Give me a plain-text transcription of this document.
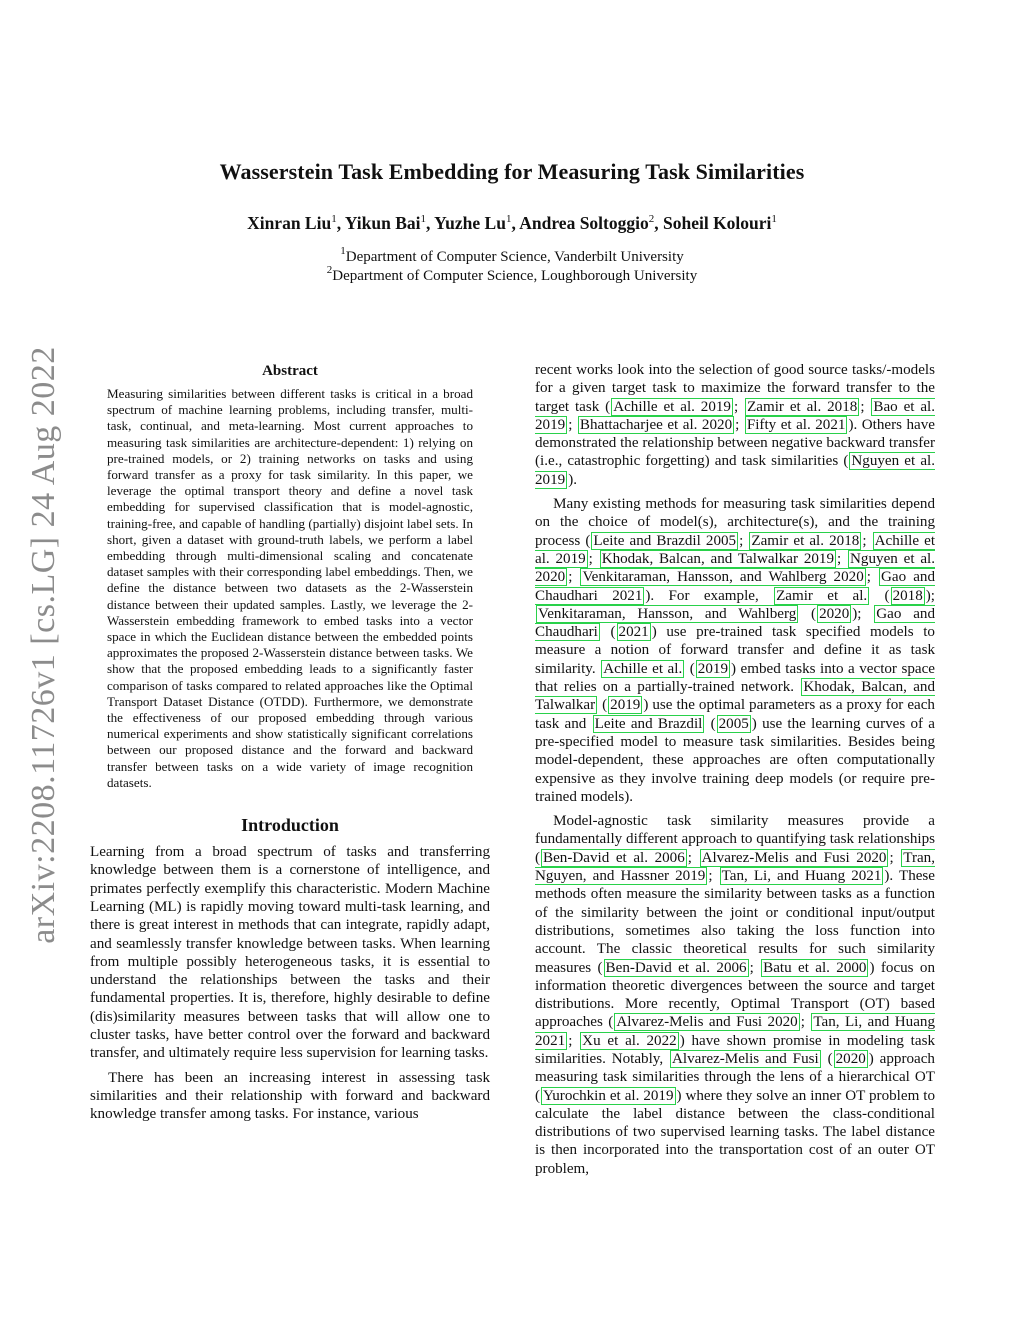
arXiv:2208.11726v1 [cs.LG] 24 Aug 2022
Wasserstein Task Embedding for Measuring Task Similarities
Xinran Liu$^1$, Yikun Bai$^1$, Yuzhe Lu$^1$, Andrea Soltoggio$^2$, Soheil Kolouri$^1$
$^1$Department of Computer Science, Vanderbilt University
$^2$Department of Computer Science, Loughborough University
Abstract

Measuring similarities between different tasks is critical in a broad spectrum of machine learning problems, including transfer, multi-task, continual, and meta-learning. Most current approaches to measuring task similarities are architecture-dependent: 1) relying on pre-trained models, or 2) training networks on tasks and using forward transfer as a proxy for task similarity. In this paper, we leverage the optimal transport theory and define a novel task embedding for supervised classification that is model-agnostic, training-free, and capable of handling (partially) disjoint label sets. In short, given a dataset with ground-truth labels, we perform a label embedding through multi-dimensional scaling and concatenate dataset samples with their corresponding label embeddings. Then, we define the distance between two datasets as the 2-Wasserstein distance between their updated samples. Lastly, we leverage the 2-Wasserstein embedding framework to embed tasks into a vector space in which the Euclidean distance between the embedded points approximates the proposed 2-Wasserstein distance between tasks. We show that the proposed embedding leads to a significantly faster comparison of tasks compared to related approaches like the Optimal Transport Dataset Distance (OTDD). Furthermore, we demonstrate the effectiveness of our proposed embedding through various numerical experiments and show statistically significant correlations between our proposed distance and the forward and backward transfer between tasks on a wide variety of image recognition datasets.

Introduction

Learning from a broad spectrum of tasks and transferring knowledge between them is a cornerstone of intelligence, and primates perfectly exemplify this characteristic. Modern Machine Learning (ML) is rapidly moving toward multi-task learning, and there is great interest in methods that can integrate, rapidly adapt, and seamlessly transfer knowledge between tasks. When learning from multiple possibly heterogeneous tasks, it is essential to understand the relationships between the tasks and their fundamental properties. It is, therefore, highly desirable to define (dis)similarity measures between tasks that will allow one to cluster tasks, have better control over the forward and backward transfer, and ultimately require less supervision for learning tasks.

There has been an increasing interest in assessing task similarities and their relationship with forward and backward knowledge transfer among tasks. For instance, various

recent works look into the selection of good source tasks/-models for a given target task to maximize the forward transfer to the target task ( Achille et al. 2019 ; Zamir et al. 2018 ; Bao et al. 2019 ; Bhattacharjee et al. 2020 ; Fifty et al. 2021 ). Others have demonstrated the relationship between negative backward transfer (i.e., catastrophic forgetting) and task similarities ( Nguyen et al. 2019 ).

Many existing methods for measuring task similarities depend on the choice of model(s), architecture(s), and the training process ( Leite and Brazdil 2005 ; Zamir et al. 2018 ; Achille et al. 2019 ; Khodak, Balcan, and Talwalkar 2019 ; Nguyen et al. 2020 ; Venkitaraman, Hansson, and Wahlberg 2020 ; Gao and Chaudhari 2021 ). For example, Zamir et al. ( 2018 ); Venkitaraman, Hansson, and Wahlberg ( 2020 ); Gao and Chaudhari ( 2021 ) use pre-trained task specified models to measure a notion of forward transfer and define it as task similarity. Achille et al. ( 2019 ) embed tasks into a vector space that relies on a partially-trained network. Khodak, Balcan, and Talwalkar ( 2019 ) use the optimal parameters as a proxy for each task and Leite and Brazdil ( 2005 ) use the learning curves of a pre-specified model to measure task similarities. Besides being model-dependent, these approaches are often computationally expensive as they involve training deep models (or require pre-trained models).

Model-agnostic task similarity measures provide a fundamentally different approach to quantifying task relationships ( Ben-David et al. 2006 ; Alvarez-Melis and Fusi 2020 ; Tran, Nguyen, and Hassner 2019 ; Tan, Li, and Huang 2021 ). These methods often measure the similarity between tasks as a function of the similarity between the joint or conditional input/output distributions, sometimes also taking the loss function into account. The classic theoretical results for such similarity measures ( Ben-David et al. 2006 ; Batu et al. 2000 ) focus on information theoretic divergences between the source and target distributions. More recently, Optimal Transport (OT) based approaches ( Alvarez-Melis and Fusi 2020 ; Tan, Li, and Huang 2021 ; Xu et al. 2022 ) have shown promise in modeling task similarities. Notably, Alvarez-Melis and Fusi ( 2020 ) approach measuring task similarities through the lens of a hierarchical OT ( Yurochkin et al. 2019 ) where they solve an inner OT problem to calculate the label distance between the class-conditional distributions of two supervised learning tasks. The label distance is then incorporated into the transportation cost of an outer OT problem,
